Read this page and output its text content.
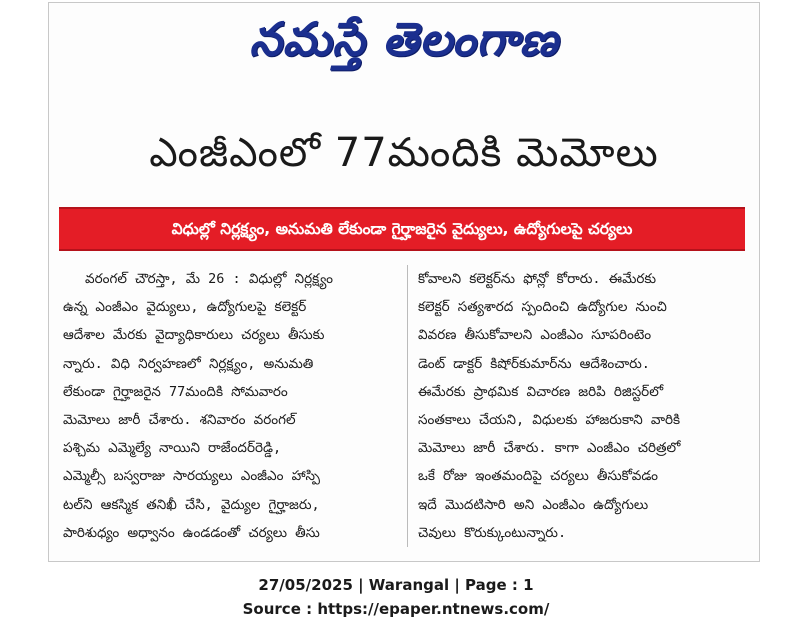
నమస్తే తెలంగాణ
ఎంజీఎంలో 77మందికి మెమోలు
విధుల్లో నిర్లక్ష్యం, అనుమతి లేకుండా గైర్హాజరైన వైద్యులు, ఉద్యోగులపై చర్యలు
వరంగల్ చౌరస్తా, మే 26 : విధుల్లో నిర్లక్ష్యం
ఉన్న ఎంజీఎం వైద్యులు, ఉద్యోగులపై కలెక్టర్
ఆదేశాల మేరకు వైద్యాధికారులు చర్యలు తీసుకు
న్నారు. విధి నిర్వహణలో నిర్లక్ష్యం, అనుమతి
లేకుండా గైర్హాజరైన 77మందికి సోమవారం
మెమోలు జారీ చేశారు. శనివారం వరంగల్
పశ్చిమ ఎమ్మెల్యే నాయిని రాజేందర్‌రెడ్డి,
ఎమ్మెల్సీ బస్వరాజు సారయ్యలు ఎంజీఎం హాస్పి
టల్‌ని ఆకస్మిక తనిఖీ చేసి, వైద్యుల గైర్హాజరు,
పారిశుధ్యం అధ్వానం ఉండడంతో చర్యలు తీసు
కోవాలని కలెక్టర్‌ను ఫోన్లో కోరారు. ఈమేరకు
కలెక్టర్ సత్యశారద స్పందించి ఉద్యోగుల నుంచి
వివరణ తీసుకోవాలని ఎంజీఎం సూపరింటెం
డెంట్ డాక్టర్ కిషోర్‌కుమార్‌ను ఆదేశించారు.
ఈమేరకు ప్రాథమిక విచారణ జరిపి రిజిస్టర్‌లో
సంతకాలు చేయని, విధులకు హాజరుకాని వారికి
మెమోలు జారీ చేశారు. కాగా ఎంజీఎం చరిత్రలో
ఒకే రోజు ఇంతమందిపై చర్యలు తీసుకోవడం
ఇదే మొదటిసారి అని ఎంజీఎం ఉద్యోగులు
చెవులు కొరుక్కుంటున్నారు.
27/05/2025 | Warangal | Page : 1
Source : https://epaper.ntnews.com/
